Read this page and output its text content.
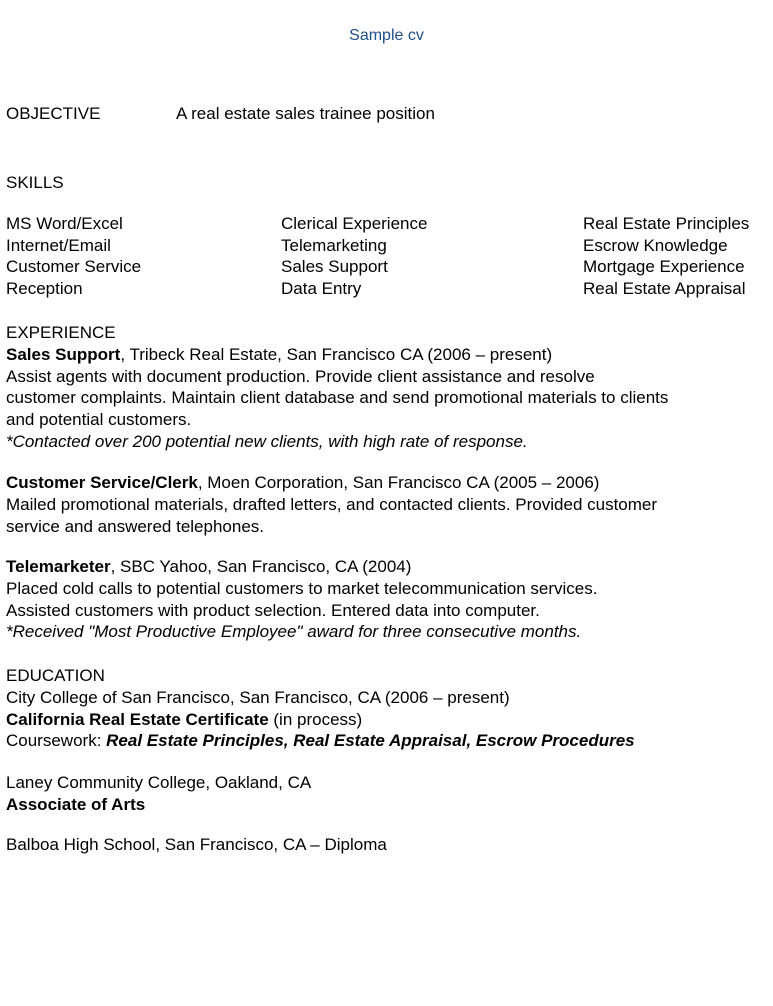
Sample cv
OBJECTIVE	A real estate sales trainee position
SKILLS
MS Word/Excel
Internet/Email
Customer Service
Reception
Clerical Experience
Telemarketing
Sales Support
Data Entry
Real Estate Principles
Escrow Knowledge
Mortgage Experience
Real Estate Appraisal
EXPERIENCE
Sales Support, Tribeck Real Estate, San Francisco CA (2006 – present)
Assist agents with document production. Provide client assistance and resolve
customer complaints. Maintain client database and send promotional materials to clients
and potential customers.
*Contacted over 200 potential new clients, with high rate of response.
Customer Service/Clerk, Moen Corporation, San Francisco CA (2005 – 2006)
Mailed promotional materials, drafted letters, and contacted clients. Provided customer
service and answered telephones.
Telemarketer, SBC Yahoo, San Francisco, CA (2004)
Placed cold calls to potential customers to market telecommunication services.
Assisted customers with product selection. Entered data into computer.
*Received "Most Productive Employee" award for three consecutive months.
EDUCATION
City College of San Francisco, San Francisco, CA (2006 – present)
California Real Estate Certificate (in process)
Coursework: Real Estate Principles, Real Estate Appraisal, Escrow Procedures
Laney Community College, Oakland, CA
Associate of Arts
Balboa High School, San Francisco, CA – Diploma
